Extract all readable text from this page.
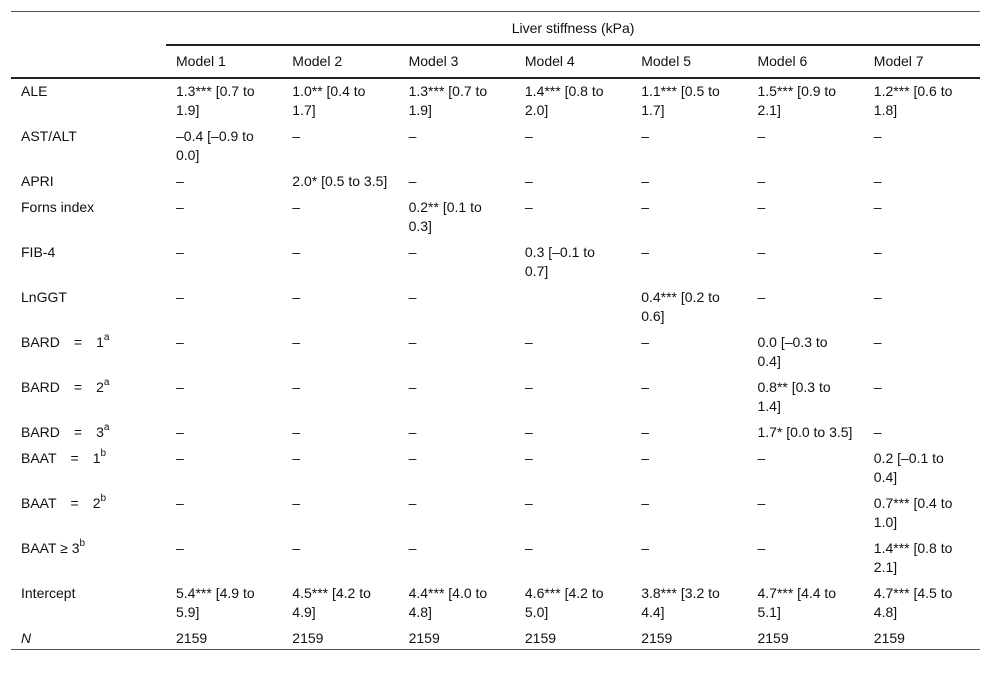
	Liver stiffness (kPa)						
	Model 1	Model 2	Model 3	Model 4	Model 5	Model 6	Model 7
ALE	1.3*** [0.7 to 1.9]	1.0** [0.4 to 1.7]	1.3*** [0.7 to 1.9]	1.4*** [0.8 to 2.0]	1.1*** [0.5 to 1.7]	1.5*** [0.9 to 2.1]	1.2*** [0.6 to 1.8]
AST/ALT	–0.4 [–0.9 to 0.0]	–	–	–	–	–	–
APRI	–	2.0* [0.5 to 3.5]	–	–	–	–	–
Forns index	–	–	0.2** [0.1 to 0.3]	–	–	–	–
FIB-4	–	–	–	0.3 [–0.1 to 0.7]	–	–	–
LnGGT	–	–	–		0.4*** [0.2 to 0.6]	–	–
BARD = $1^a$	–	–	–	–	–	0.0 [–0.3 to 0.4]	–
BARD = $2^a$	–	–	–	–	–	0.8** [0.3 to 1.4]	–
BARD = $3^a$	–	–	–	–	–	1.7* [0.0 to 3.5]	–
BAAT = $1^b$	–	–	–	–	–	–	0.2 [–0.1 to 0.4]
BAAT = $2^b$	–	–	–	–	–	–	0.7*** [0.4 to 1.0]
BAAT ≥ $3^b$	–	–	–	–	–	–	1.4*** [0.8 to 2.1]
Intercept	5.4*** [4.9 to 5.9]	4.5*** [4.2 to 4.9]	4.4*** [4.0 to 4.8]	4.6*** [4.2 to 5.0]	3.8*** [3.2 to 4.4]	4.7*** [4.4 to 5.1]	4.7*** [4.5 to 4.8]
N	2159	2159	2159	2159	2159	2159	2159
